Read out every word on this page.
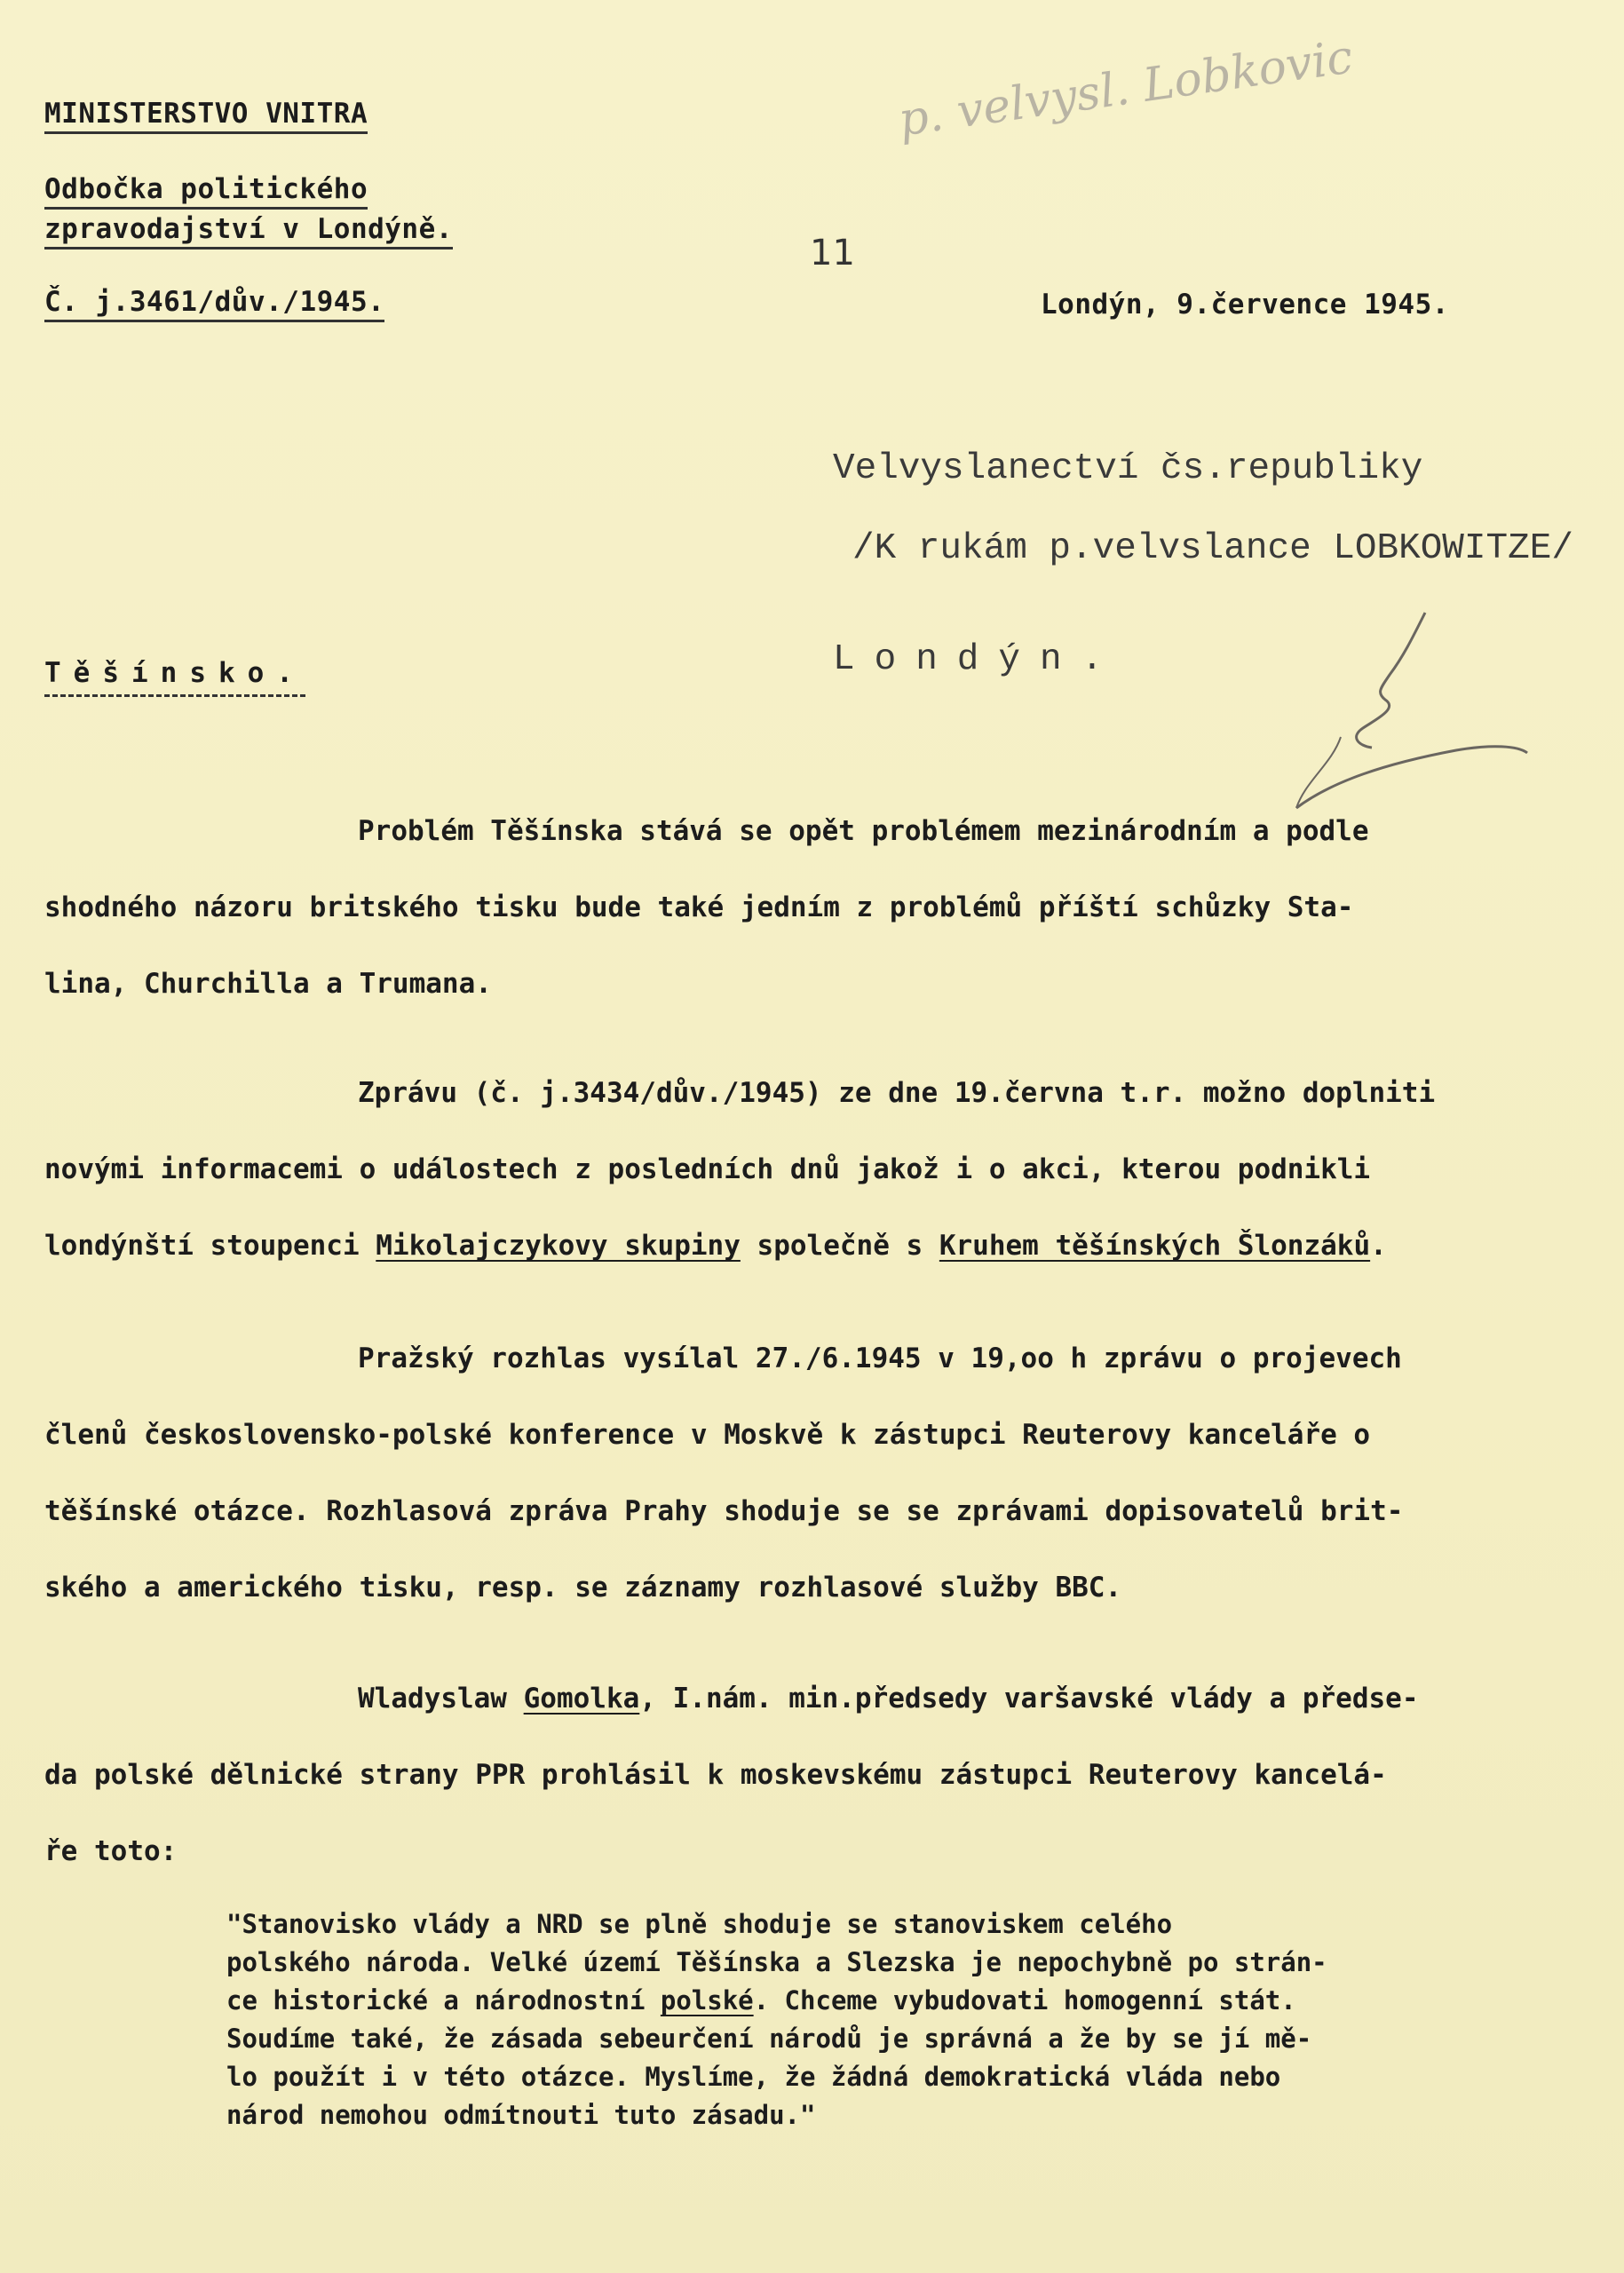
MINISTERSTVO VNITRA
Odbočka politického
zpravodajství v Londýně.
Č. j.3461/dův./1945.
11
Londýn, 9.července 1945.
p. velvysl. Lobkovic
Velvyslanectví čs.republiky
/K rukám p.velvslance LOBKOWITZE/
Londýn.
Těšínsko.
Problém Těšínska stává se opět problémem mezinárodním a podle
shodného názoru britského tisku bude také jedním z problémů příští schůzky Sta-
lina, Churchilla a Trumana.
Zprávu (č. j.3434/dův./1945) ze dne 19.června t.r. možno doplniti
novými informacemi o událostech z posledních dnů jakož i o akci, kterou podnikli
londýnští stoupenci Mikolajczykovy skupiny společně s Kruhem těšínských Šlonzáků.
Pražský rozhlas vysílal 27./6.1945 v 19,oo h zprávu o projevech
členů československo-polské konference v Moskvě k zástupci Reuterovy kanceláře o
těšínské otázce. Rozhlasová zpráva Prahy shoduje se se zprávami dopisovatelů brit-
ského a amerického tisku, resp. se záznamy rozhlasové služby BBC.
Wladyslaw Gomolka, I.nám. min.předsedy varšavské vlády a předse-
da polské dělnické strany PPR prohlásil k moskevskému zástupci Reuterovy kancelá-
ře toto:
"Stanovisko vlády a NRD se plně shoduje se stanoviskem celého
polského národa. Velké území Těšínska a Slezska je nepochybně po strán-
ce historické a národnostní polské. Chceme vybudovati homogenní stát.
Soudíme také, že zásada sebeurčení národů je správná a že by se jí mě-
lo použít i v této otázce. Myslíme, že žádná demokratická vláda nebo
národ nemohou odmítnouti tuto zásadu."
